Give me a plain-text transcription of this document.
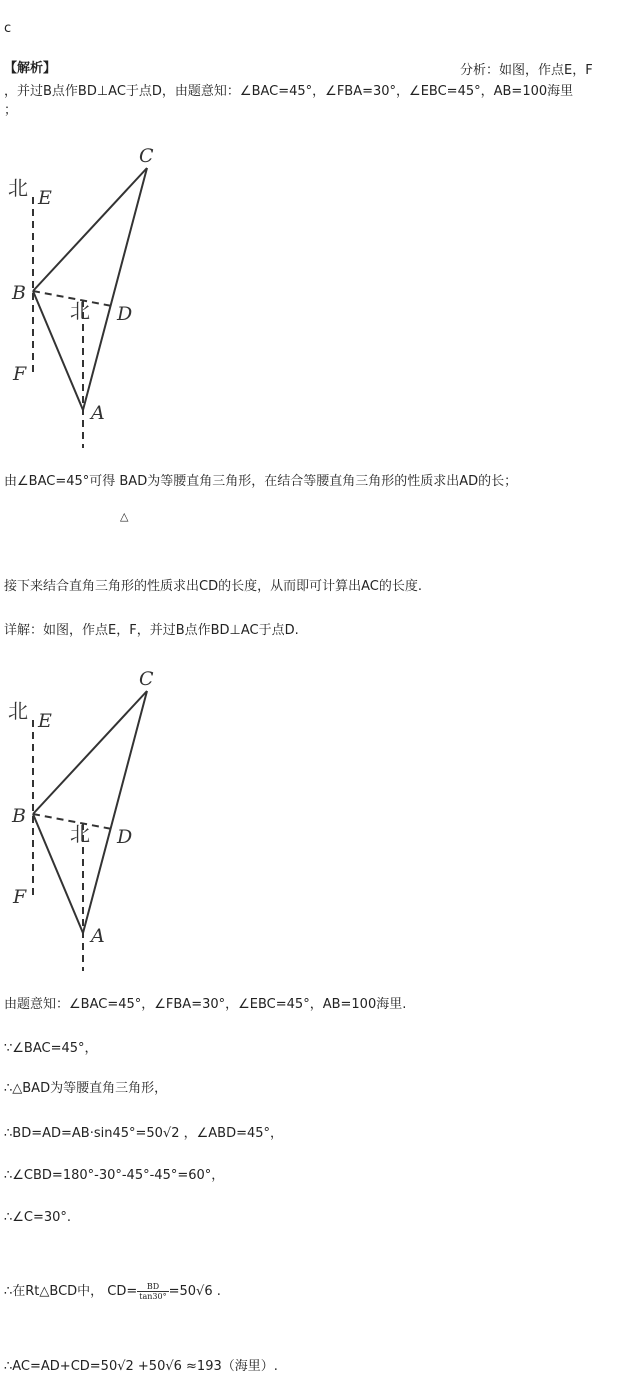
c
【解析】	分析：如图，作点E，F
，并过B点作BD⊥AC于点D，由题意知：∠BAC=45°，∠FBA=30°，∠EBC=45°，AB=100海里
；
北
北
C
E
B
D
F
A
由∠BAC=45°可得 BAD为等腰直角三角形，在结合等腰直角三角形的性质求出AD的长；
△
接下来结合直角三角形的性质求出CD的长度，从而即可计算出AC的长度.
详解：如图，作点E，F，并过B点作BD⊥AC于点D.
北
北
C
E
B
D
F
A
由题意知：∠BAC=45°，∠FBA=30°，∠EBC=45°，AB=100海里.
∵∠BAC=45°，
∴△BAD为等腰直角三角形，
∴BD=AD=AB·sin45°=50√2 ，∠ABD=45°，
∴∠CBD=180°-30°-45°-45°=60°，
∴∠C=30°.
∴在Rt△BCD中， $CD= \frac{BD}{\tan 30^\circ} =50√6$ .
∴AC=AD+CD=50√2 +50√6 ≈193（海里）.
